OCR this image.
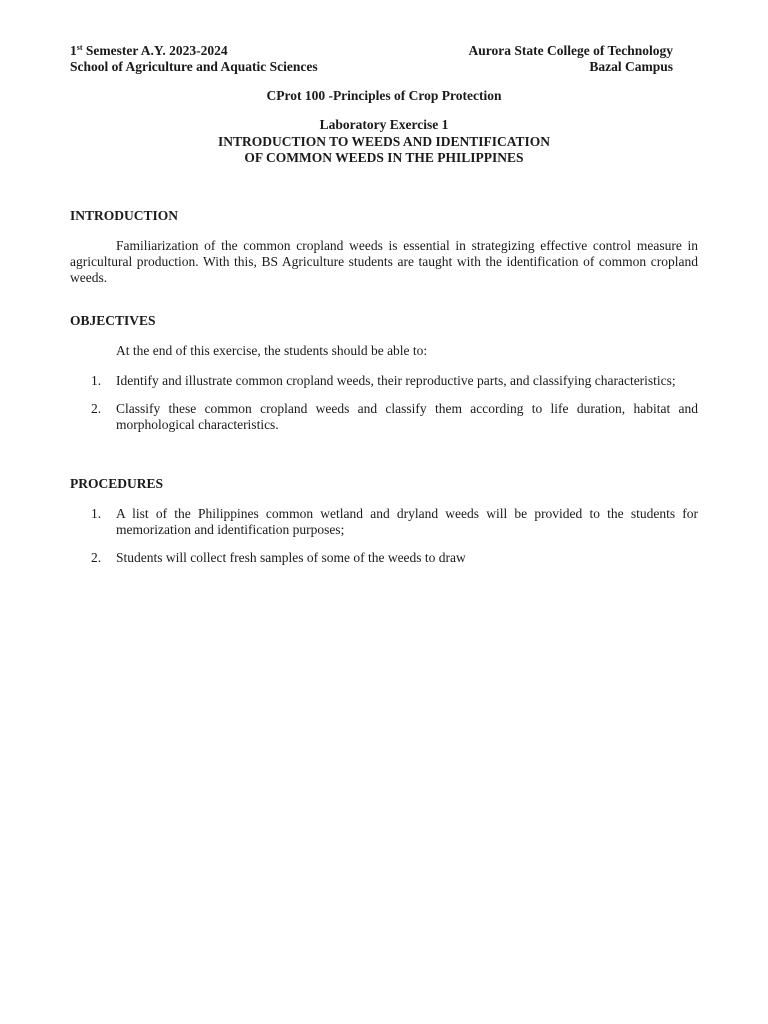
1st Semester A.Y. 2023-2024	Aurora State College of Technology
School of Agriculture and Aquatic Sciences	Bazal Campus
CProt 100 -Principles of Crop Protection
Laboratory Exercise 1
INTRODUCTION TO WEEDS AND IDENTIFICATION
OF COMMON WEEDS IN THE PHILIPPINES
INTRODUCTION
Familiarization of the common cropland weeds is essential in strategizing effective control measure in agricultural production. With this, BS Agriculture students are taught with the identification of common cropland weeds.
OBJECTIVES
At the end of this exercise, the students should be able to:
1.	Identify and illustrate common cropland weeds, their reproductive parts, and classifying characteristics;
2.	Classify these common cropland weeds and classify them according to life duration, habitat and morphological characteristics.
PROCEDURES
1.	A list of the Philippines common wetland and dryland weeds will be provided to the students for memorization and identification purposes;
2.	Students will collect fresh samples of some of the weeds to draw
